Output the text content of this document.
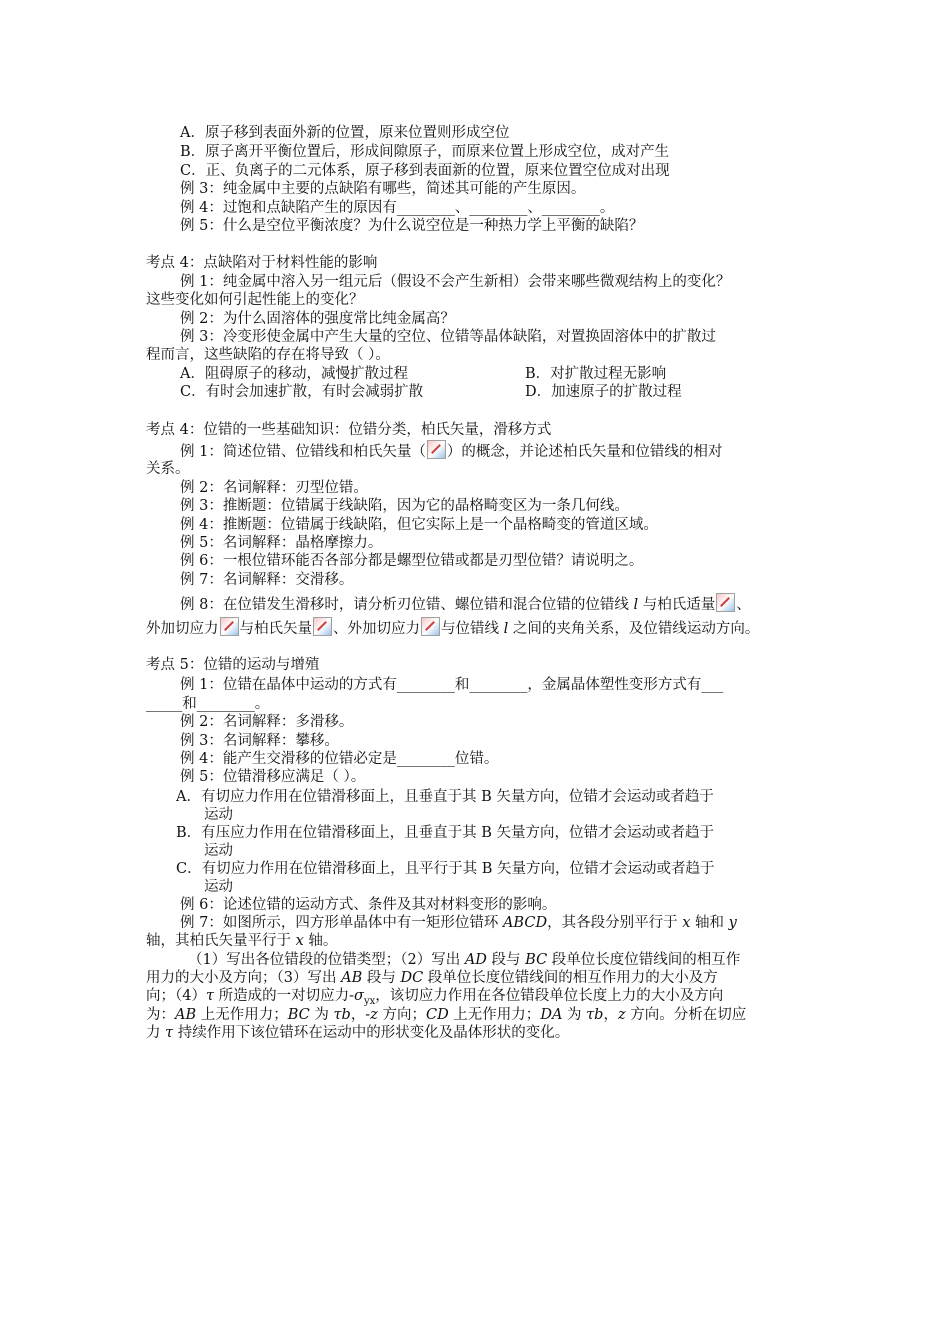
A．原子移到表面外新的位置，原来位置则形成空位
B．原子离开平衡位置后，形成间隙原子，而原来位置上形成空位，成对产生
C．正、负离子的二元体系，原子移到表面新的位置，原来位置空位成对出现
例 3：纯金属中主要的点缺陷有哪些，简述其可能的产生原因。
例 4：过饱和点缺陷产生的原因有________、________、________。
例 5：什么是空位平衡浓度？为什么说空位是一种热力学上平衡的缺陷？
考点 4：点缺陷对于材料性能的影响
例 1：纯金属中溶入另一组元后（假设不会产生新相）会带来哪些微观结构上的变化？
这些变化如何引起性能上的变化？
例 2：为什么固溶体的强度常比纯金属高？
例 3：冷变形使金属中产生大量的空位、位错等晶体缺陷，对置换固溶体中的扩散过
程而言，这些缺陷的存在将导致（ ）。
A．阻碍原子的移动，减慢扩散过程	B．对扩散过程无影响
C．有时会加速扩散，有时会减弱扩散	D．加速原子的扩散过程
考点 4：位错的一些基础知识：位错分类，柏氏矢量，滑移方式
例 1：简述位错、位错线和柏氏矢量（ ）的概念，并论述柏氏矢量和位错线的相对
关系。
例 2：名词解释：刃型位错。
例 3：推断题：位错属于线缺陷，因为它的晶格畸变区为一条几何线。
例 4：推断题：位错属于线缺陷，但它实际上是一个晶格畸变的管道区域。
例 5：名词解释：晶格摩擦力。
例 6：一根位错环能否各部分都是螺型位错或都是刃型位错？请说明之。
例 7：名词解释：交滑移。
例 8：在位错发生滑移时，请分析刃位错、螺位错和混合位错的位错线 l 与柏氏适量 、
外加切应力 与柏氏矢量 、外加切应力 与位错线 l 之间的夹角关系，及位错线运动方向。
考点 5：位错的运动与增殖
例 1：位错在晶体中运动的方式有________和________，金属晶体塑性变形方式有___
_____和________。
例 2：名词解释：多滑移。
例 3：名词解释：攀移。
例 4：能产生交滑移的位错必定是________位错。
例 5：位错滑移应满足（ ）。
A．有切应力作用在位错滑移面上，且垂直于其 B 矢量方向，位错才会运动或者趋于
运动
B．有压应力作用在位错滑移面上，且垂直于其 B 矢量方向，位错才会运动或者趋于
运动
C．有切应力作用在位错滑移面上，且平行于其 B 矢量方向，位错才会运动或者趋于
运动
例 6：论述位错的运动方式、条件及其对材料变形的影响。
例 7：如图所示，四方形单晶体中有一矩形位错环 ABCD，其各段分别平行于 x 轴和 y
轴，其柏氏矢量平行于 x 轴。
（1）写出各位错段的位错类型；（2）写出 AD 段与 BC 段单位长度位错线间的相互作
用力的大小及方向；（3）写出 AB 段与 DC 段单位长度位错线间的相互作用力的大小及方
向；（4）τ 所造成的一对切应力$-\sigma_{yx}$，该切应力作用在各位错段单位长度上力的大小及方向
为：AB 上无作用力；BC 为 τb，-z 方向；CD 上无作用力；DA 为 τb，z 方向。分析在切应
力 τ 持续作用下该位错环在运动中的形状变化及晶体形状的变化。
